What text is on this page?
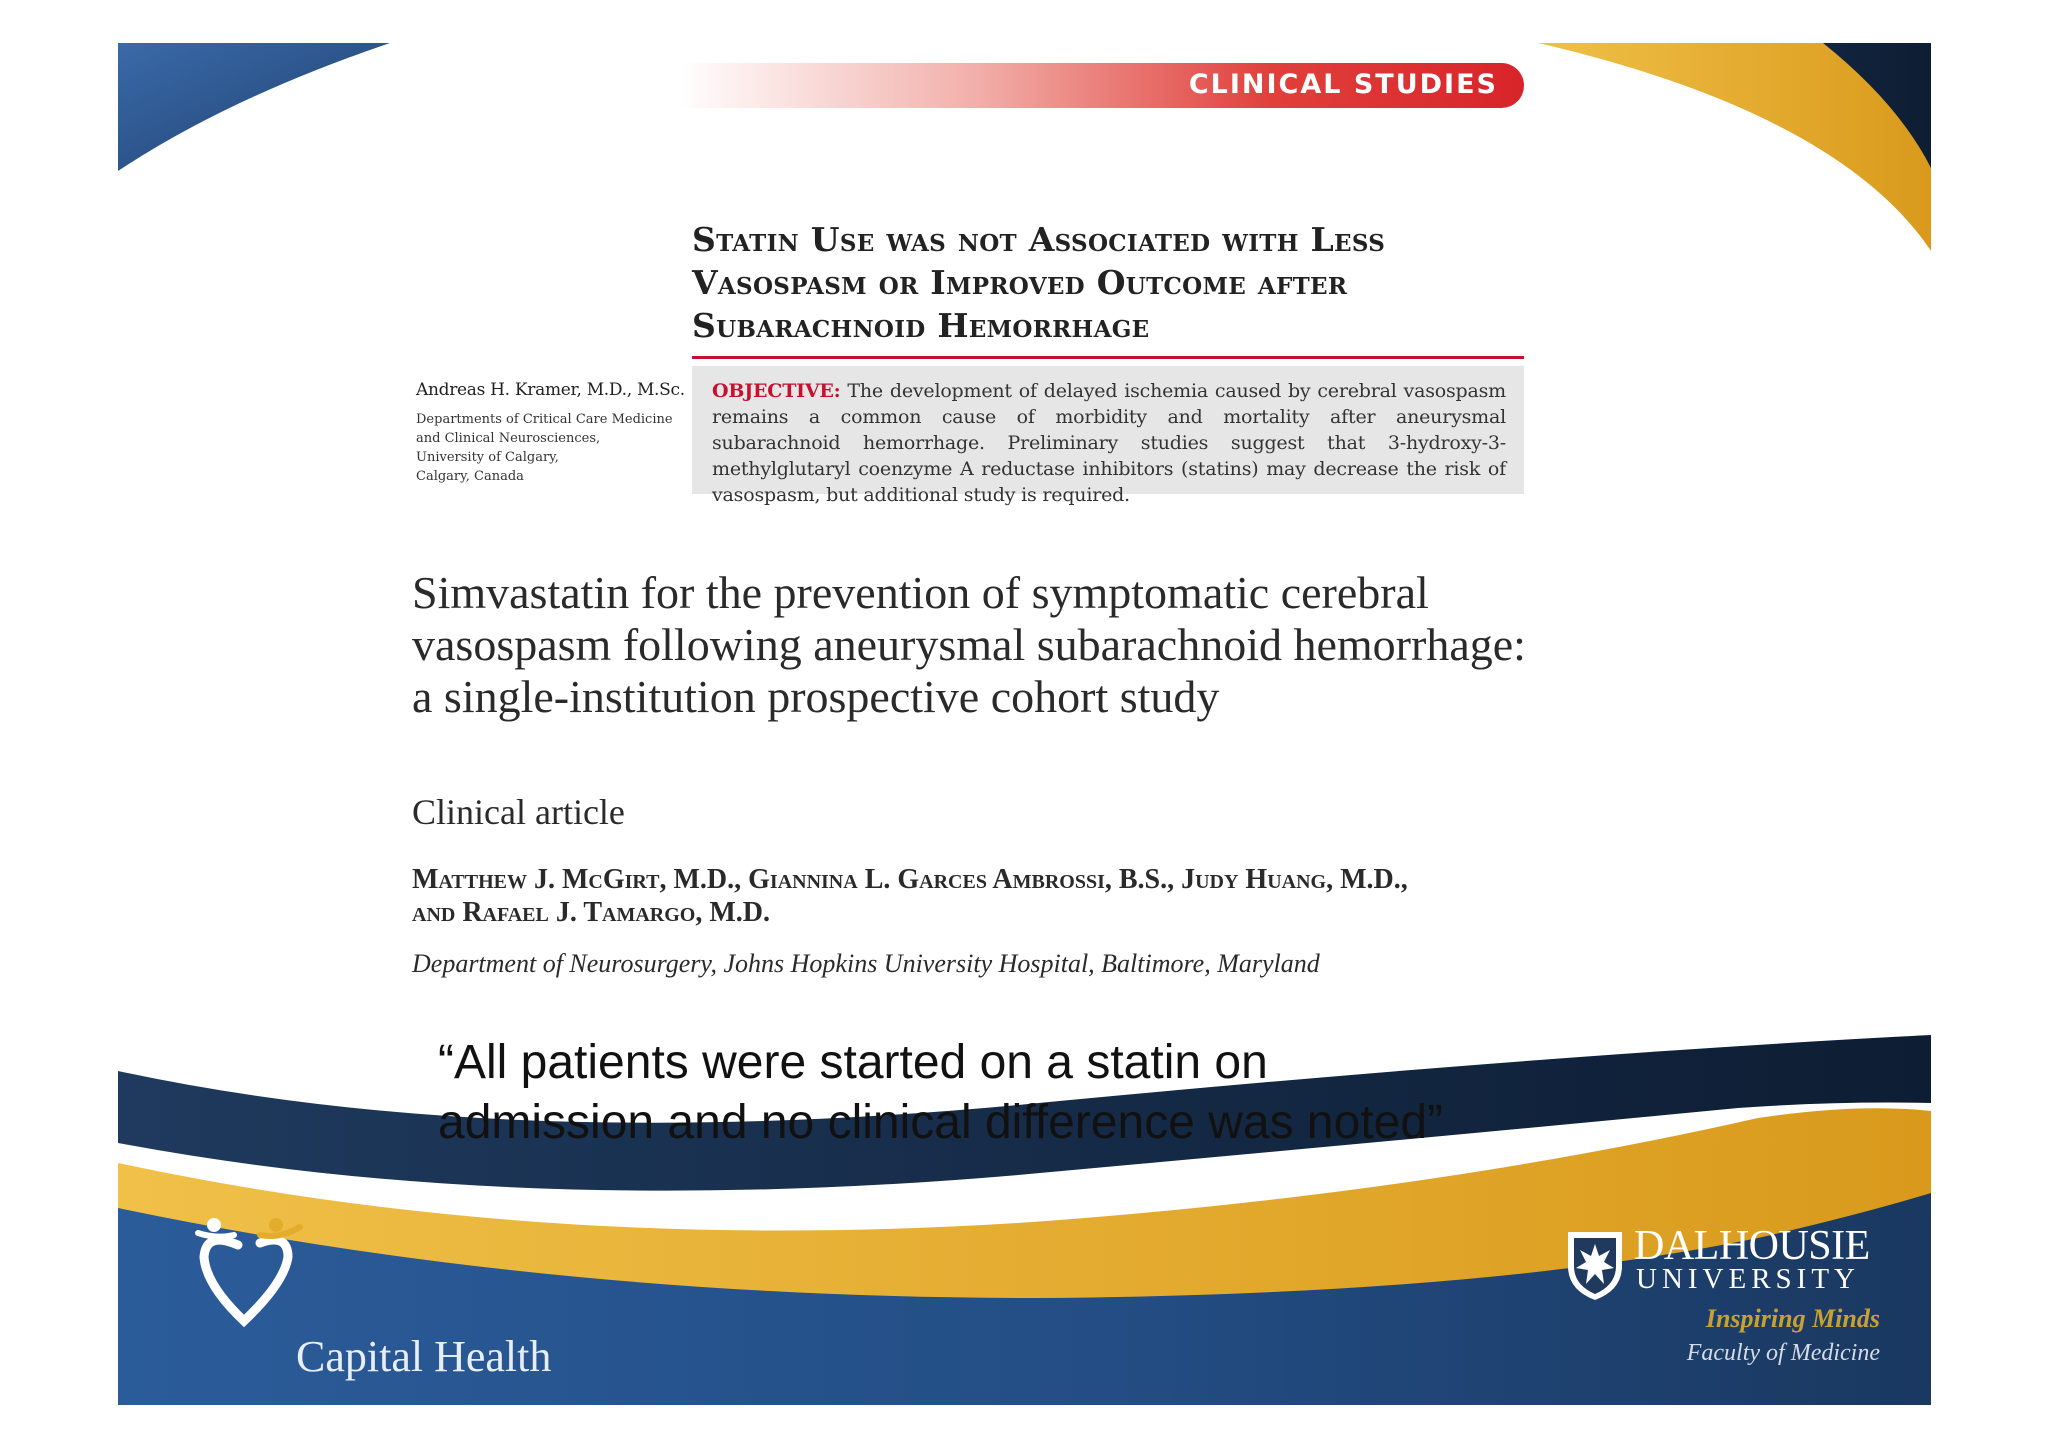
CLINICAL STUDIES
Statin Use was not Associated with Less
Vasospasm or Improved Outcome after
Subarachnoid Hemorrhage
Andreas H. Kramer, M.D., M.Sc.
Departments of Critical Care Medicine
and Clinical Neurosciences,
University of Calgary,
Calgary, Canada
OBJECTIVE: The development of delayed ischemia caused by cerebral vasospasm remains a common cause of morbidity and mortality after aneurysmal subarachnoid hemorrhage. Preliminary studies suggest that 3-hydroxy-3-methylglutaryl coenzyme A reductase inhibitors (statins) may decrease the risk of vasospasm, but additional study is required.
Simvastatin for the prevention of symptomatic cerebral
vasospasm following aneurysmal subarachnoid hemorrhage:
a single-institution prospective cohort study
Clinical article
Matthew J. McGirt, M.D., Giannina L. Garces Ambrossi, B.S., Judy Huang, M.D.,
and Rafael J. Tamargo, M.D.
Department of Neurosurgery, Johns Hopkins University Hospital, Baltimore, Maryland
“All patients were started on a statin on
admission and no clinical difference was noted”
Capital Health
DALHOUSIE
UNIVERSITY
Inspiring Minds
Faculty of Medicine
